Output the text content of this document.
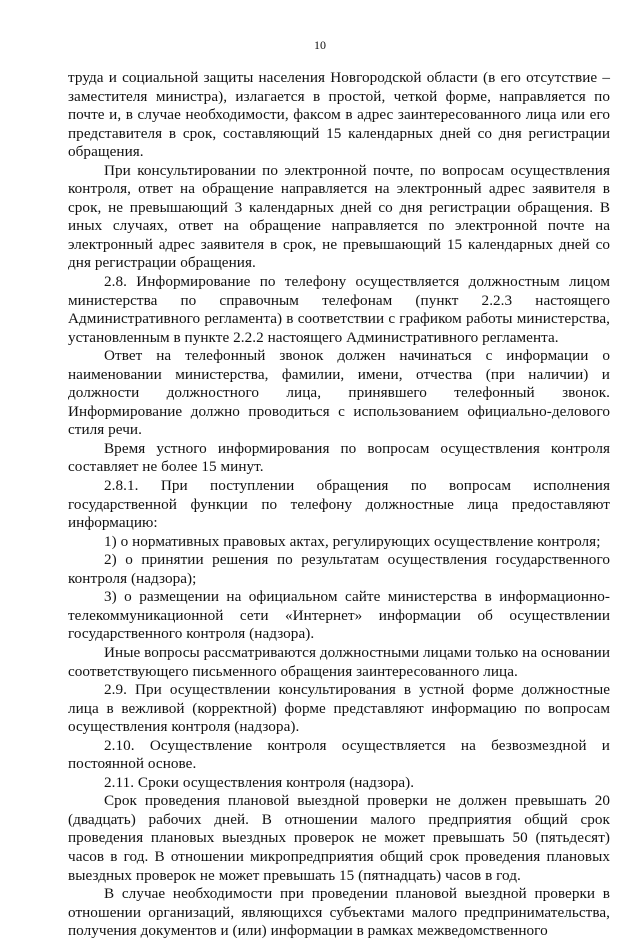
10

труда и социальной защиты населения Новгородской области (в его отсутствие – заместителя министра), излагается в простой, четкой форме, направляется по почте и, в случае необходимости, факсом в адрес заинтересованного лица или его представителя в срок, составляющий 15 календарных дней со дня регистрации обращения.

При консультировании по электронной почте, по вопросам осуществления контроля, ответ на обращение направляется на электронный адрес заявителя в срок, не превышающий 3 календарных дней со дня регистрации обращения. В иных случаях, ответ на обращение направляется по электронной почте на электронный адрес заявителя в срок, не превышающий 15 календарных дней со дня регистрации обращения.

2.8. Информирование по телефону осуществляется должностным лицом министерства по справочным телефонам (пункт 2.2.3 настоящего Административного регламента) в соответствии с графиком работы министерства, установленным в пункте 2.2.2 настоящего Административного регламента.

Ответ на телефонный звонок должен начинаться с информации о наименовании министерства, фамилии, имени, отчества (при наличии) и должности должностного лица, принявшего телефонный звонок. Информирование должно проводиться с использованием официально-делового стиля речи.

Время устного информирования по вопросам осуществления контроля составляет не более 15 минут.

2.8.1. При поступлении обращения по вопросам исполнения государственной функции по телефону должностные лица предоставляют информацию:

1) о нормативных правовых актах, регулирующих осуществление контроля;

2) о принятии решения по результатам осуществления государственного контроля (надзора);

3) о размещении на официальном сайте министерства в информационно-телекоммуникационной сети «Интернет» информации об осуществлении государственного контроля (надзора).

Иные вопросы рассматриваются должностными лицами только на основании соответствующего письменного обращения заинтересованного лица.

2.9. При осуществлении консультирования в устной форме должностные лица в вежливой (корректной) форме представляют информацию по вопросам осуществления контроля (надзора).

2.10. Осуществление контроля осуществляется на безвозмездной и постоянной основе.

2.11. Сроки осуществления контроля (надзора).

Срок проведения плановой выездной проверки не должен превышать 20 (двадцать) рабочих дней. В отношении малого предприятия общий срок проведения плановых выездных проверок не может превышать 50 (пятьдесят) часов в год. В отношении микропредприятия общий срок проведения плановых выездных проверок не может превышать 15 (пятнадцать) часов в год.

В случае необходимости при проведении плановой выездной проверки в отношении организаций, являющихся субъектами малого предпринимательства, получения документов и (или) информации в рамках межведомственного
